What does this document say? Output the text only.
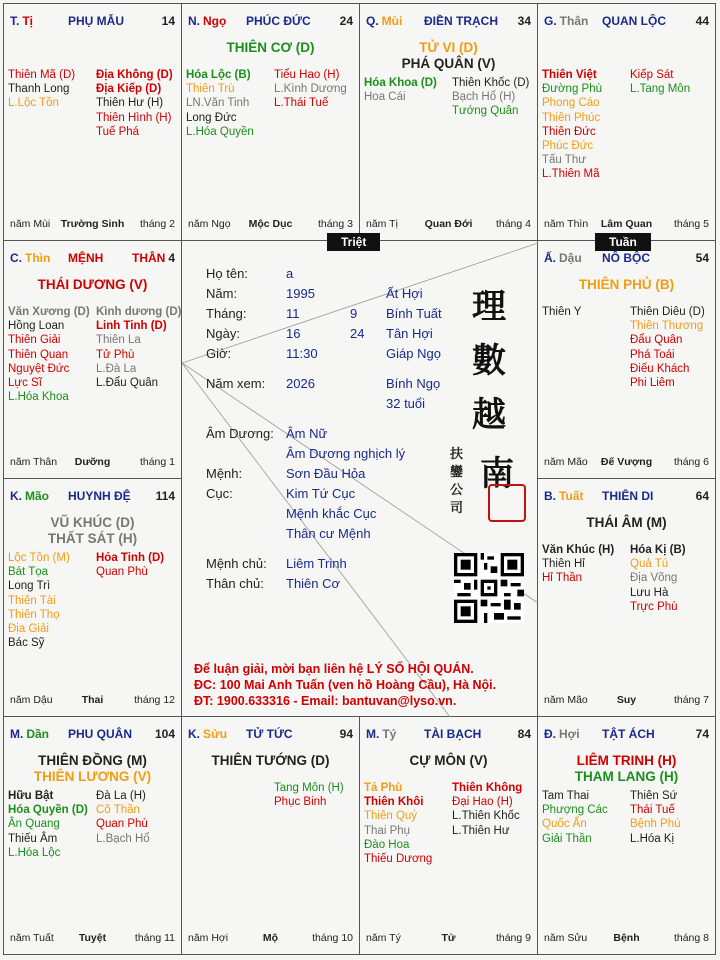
T. Tị	PHỤ MẪU	14
Thiên Mã (D)
Thanh Long
L.Lộc Tồn
Địa Không (D)
Địa Kiếp (D)
Thiên Hư (H)
Thiên Hình (H)
Tuế Phá
năm Mùi Trường Sinh	tháng 2
N. Ngọ PHÚC ĐỨC 24
THIÊN CƠ (D)
Hóa Lộc (B)
Thiên Trù
LN.Văn Tinh
Long Đức
L.Hóa Quyền
Tiểu Hao (H)
L.Kình Dương
L.Thái Tuế
năm Ngọ	Mộc Dục	tháng 3
Q. Mùi ĐIỀN TRẠCH 34
TỬ VI (D)
PHÁ QUÂN (V)
Hóa Khoa (D)
Hoa Cái
Thiên Khốc (D)
Bạch Hổ (H)
Tướng Quân
năm Tị	Quan Đới	tháng 4
G. Thân QUAN LỘC 44
Thiên Việt
Đường Phù
Phong Cáo
Thiên Phúc
Thiên Đức
Phúc Đức
Tấu Thư
L.Thiên Mã
Kiếp Sát
L.Tang Môn
năm Thìn	Lâm Quan	tháng 5
C. Thìn MỆNH THÂN 4
THÁI DƯƠNG (V)
Văn Xương (D)
Hồng Loan
Thiên Giải
Thiên Quan
Nguyệt Đức
Lực Sĩ
L.Hóa Khoa
Kình dương (D)
Linh Tinh (D)
Thiên La
Tử Phù
L.Đà La
L.Đẩu Quân
năm Thân	Dưỡng	tháng 1
Ấ. Dậu NÔ BỘC	54
THIÊN PHỦ (B)
Thiên Y	Thiên Diêu (D)
Thiên Thương
Đẩu Quân
Phá Toái
Điếu Khách
Phi Liêm
năm Mão	Đế Vượng	tháng 6
K. Mão HUYNH ĐỆ 114
VŨ KHÚC (D)
THẤT SÁT (H)
Lộc Tồn (M)
Bát Tọa
Long Trì
Thiên Tài
Thiên Thọ
Địa Giải
Bác Sỹ
Hỏa Tinh (D)
Quan Phù
năm Dậu	Thai	tháng 12
B. Tuất THIÊN DI	64
THÁI ÂM (M)
Văn Khúc (H)
Thiên Hỉ
Hỉ Thần
Hóa Kị (B)
Quả Tú
Địa Võng
Lưu Hà
Trực Phù
năm Mão	Suy	tháng 7
M. Dần PHU QUÂN 104
THIÊN ĐỒNG (M)
THIÊN LƯƠNG (V)
Hữu Bật
Hóa Quyền (D)
Ân Quang
Thiếu Âm
L.Hóa Lộc
Đà La (H)
Cô Thần
Quan Phù
L.Bạch Hổ
năm Tuất	Tuyệt	tháng 11
K. Sửu TỬ TỨC	94
THIÊN TƯỚNG (D)
Tang Môn (H)
Phục Binh
năm Hợi	Mộ	tháng 10
M. Tý TÀI BẠCH	84
CỰ MÔN (V)
Tả Phù
Thiên Khôi
Thiên Quý
Thai Phụ
Đào Hoa
Thiếu Dương
Thiên Không
Đại Hao (H)
L.Thiên Khốc
L.Thiên Hư
năm Tý	Tử	tháng 9
Đ. Hợi TẬT ÁCH	74
LIÊM TRINH (H)
THAM LANG (H)
Tam Thai
Phượng Các
Quốc Ấn
Giải Thần
Thiên Sứ
Thái Tuế
Bệnh Phù
L.Hóa Kị
năm Sửu	Bệnh	tháng 8
Họ tên:	a
Năm:	1995	Ất Hợi
Tháng:	11	9 Bính Tuất
Ngày:	16	24 Tân Hợi
Giờ:	11:30	Giáp Ngọ
Năm xem: 2026	Bính Ngọ
32 tuổi
Âm Dương: Âm Nữ
Âm Dương nghịch lý
Mệnh:	Sơn Đầu Hỏa
Cục:	Kim Tứ Cục
Mệnh khắc Cục
Thân cư Mệnh
Mệnh chủ: Liêm Trinh
Thân chủ: Thiên Cơ
理
數
越
南
扶
鑾
公
司
Để luận giải, mời bạn liên hệ LÝ SỐ HỘI QUÁN.
ĐC: 100 Mai Anh Tuấn (ven hồ Hoàng Cầu), Hà Nội.
ĐT: 1900.633316 - Email: bantuvan@lyso.vn.
Triệt	Tuần
